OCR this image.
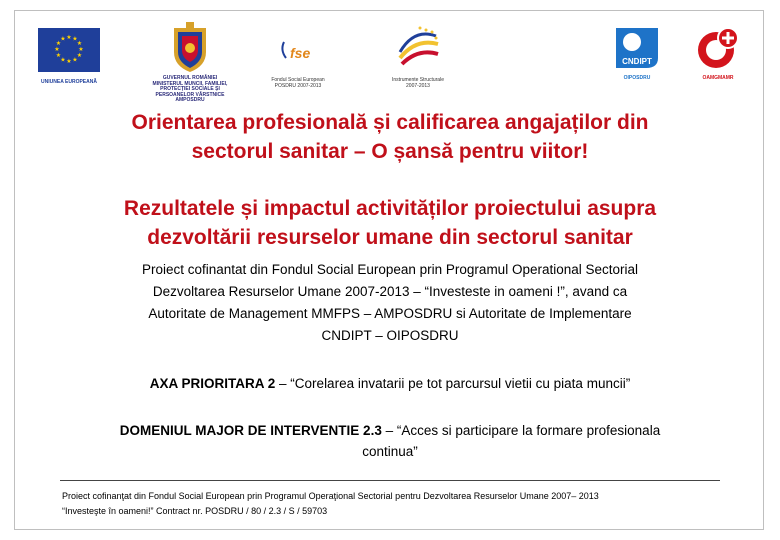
★ ★
★
★
★
★
★
★
★
★
★
★
UNIUNEA EUROPEANĂ
GUVERNUL ROMÂNIEI
MINISTERUL MUNCII, FAMILIEI,
PROTECȚIEI SOCIALE ȘI
PERSOANELOR VÂRSTNICE
AMPOSDRU
fse
Fondul Social European
POSDRU 2007-2013
Instrumente Structurale
2007-2013
CNDIPT
OIPOSDRU	OAMGMAMR
Orientarea profesională și calificarea angajaților din
sectorul sanitar – O șansă pentru viitor!
Rezultatele și impactul activităților proiectului asupra
dezvoltării resurselor umane din sectorul sanitar
Proiect cofinantat din Fondul Social European prin Programul Operational Sectorial
Dezvoltarea Resurselor Umane 2007-2013 – “Investeste in oameni !”, avand ca
Autoritate de Management MMFPS – AMPOSDRU si Autoritate de Implementare
CNDIPT – OIPOSDRU
AXA PRIORITARA 2 – “Corelarea invatarii pe tot parcursul vietii cu piata muncii”
DOMENIUL MAJOR DE INTERVENTIE 2.3 – “Acces si participare la formare profesionala
continua”
Proiect cofinanţat din Fondul Social European prin Programul Operaţional Sectorial pentru Dezvoltarea Resurselor Umane 2007– 2013
“Investeşte în oameni!” Contract nr. POSDRU / 80 / 2.3 / S / 59703
